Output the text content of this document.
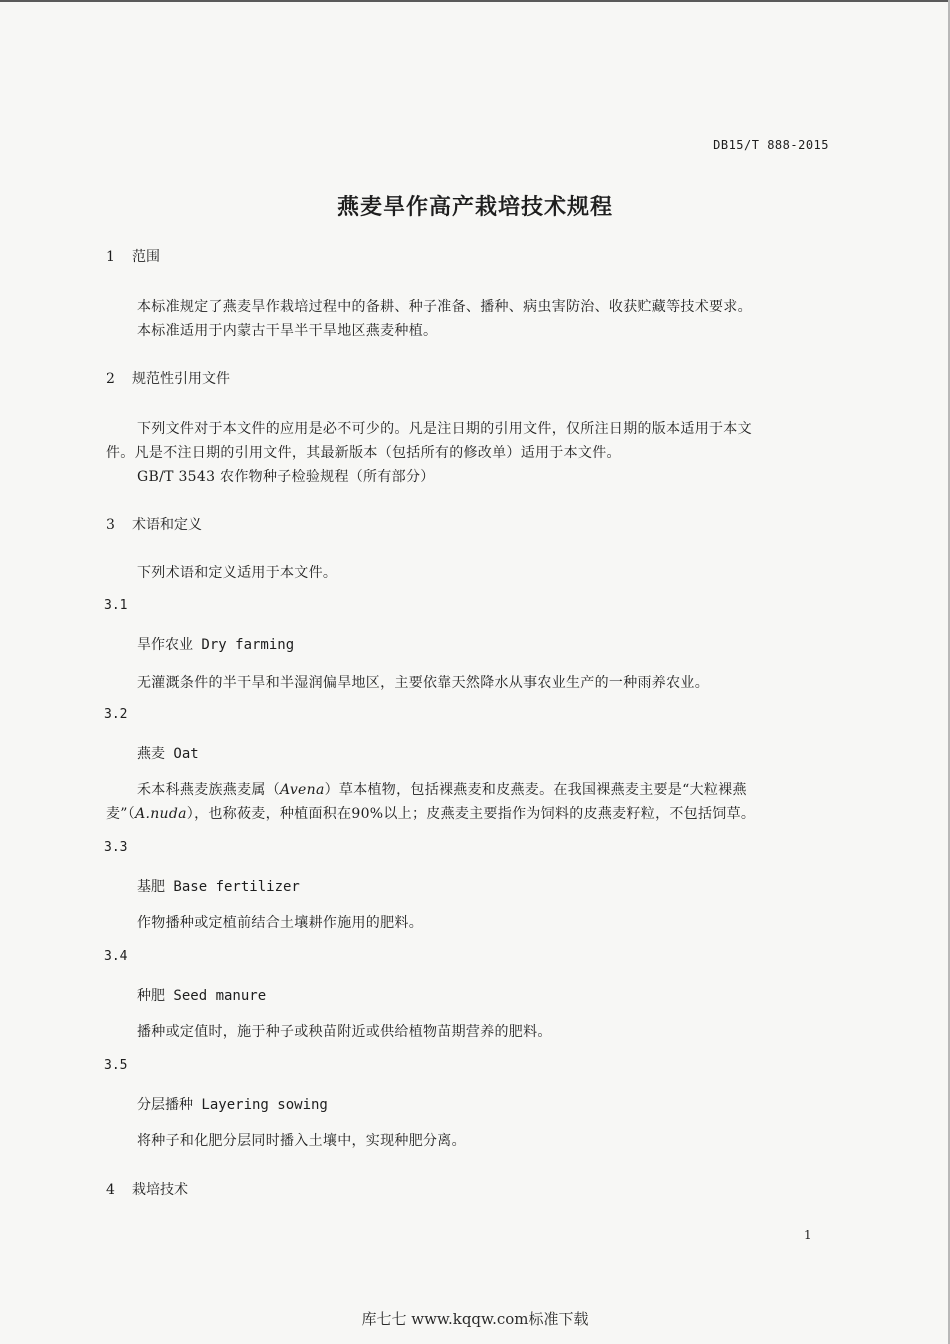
DB15/T 888-2015
燕麦旱作高产栽培技术规程
1 范围
本标准规定了燕麦旱作栽培过程中的备耕、种子准备、播种、病虫害防治、收获贮藏等技术要求。
本标准适用于内蒙古干旱半干旱地区燕麦种植。
2 规范性引用文件
下列文件对于本文件的应用是必不可少的。凡是注日期的引用文件，仅所注日期的版本适用于本文
件。凡是不注日期的引用文件，其最新版本（包括所有的修改单）适用于本文件。
GB/T 3543 农作物种子检验规程（所有部分）
3 术语和定义
下列术语和定义适用于本文件。
3.1
旱作农业 Dry farming
无灌溉条件的半干旱和半湿润偏旱地区，主要依靠天然降水从事农业生产的一种雨养农业。
3.2
燕麦 Oat
禾本科燕麦族燕麦属（Avena）草本植物，包括裸燕麦和皮燕麦。在我国裸燕麦主要是“大粒裸燕
麦”（A.nuda），也称莜麦，种植面积在90%以上；皮燕麦主要指作为饲料的皮燕麦籽粒，不包括饲草。
3.3
基肥 Base fertilizer
作物播种或定植前结合土壤耕作施用的肥料。
3.4
种肥 Seed manure
播种或定值时，施于种子或秧苗附近或供给植物苗期营养的肥料。
3.5
分层播种 Layering sowing
将种子和化肥分层同时播入土壤中，实现种肥分离。
4 栽培技术
1
库七七 www.kqqw.com标准下载
